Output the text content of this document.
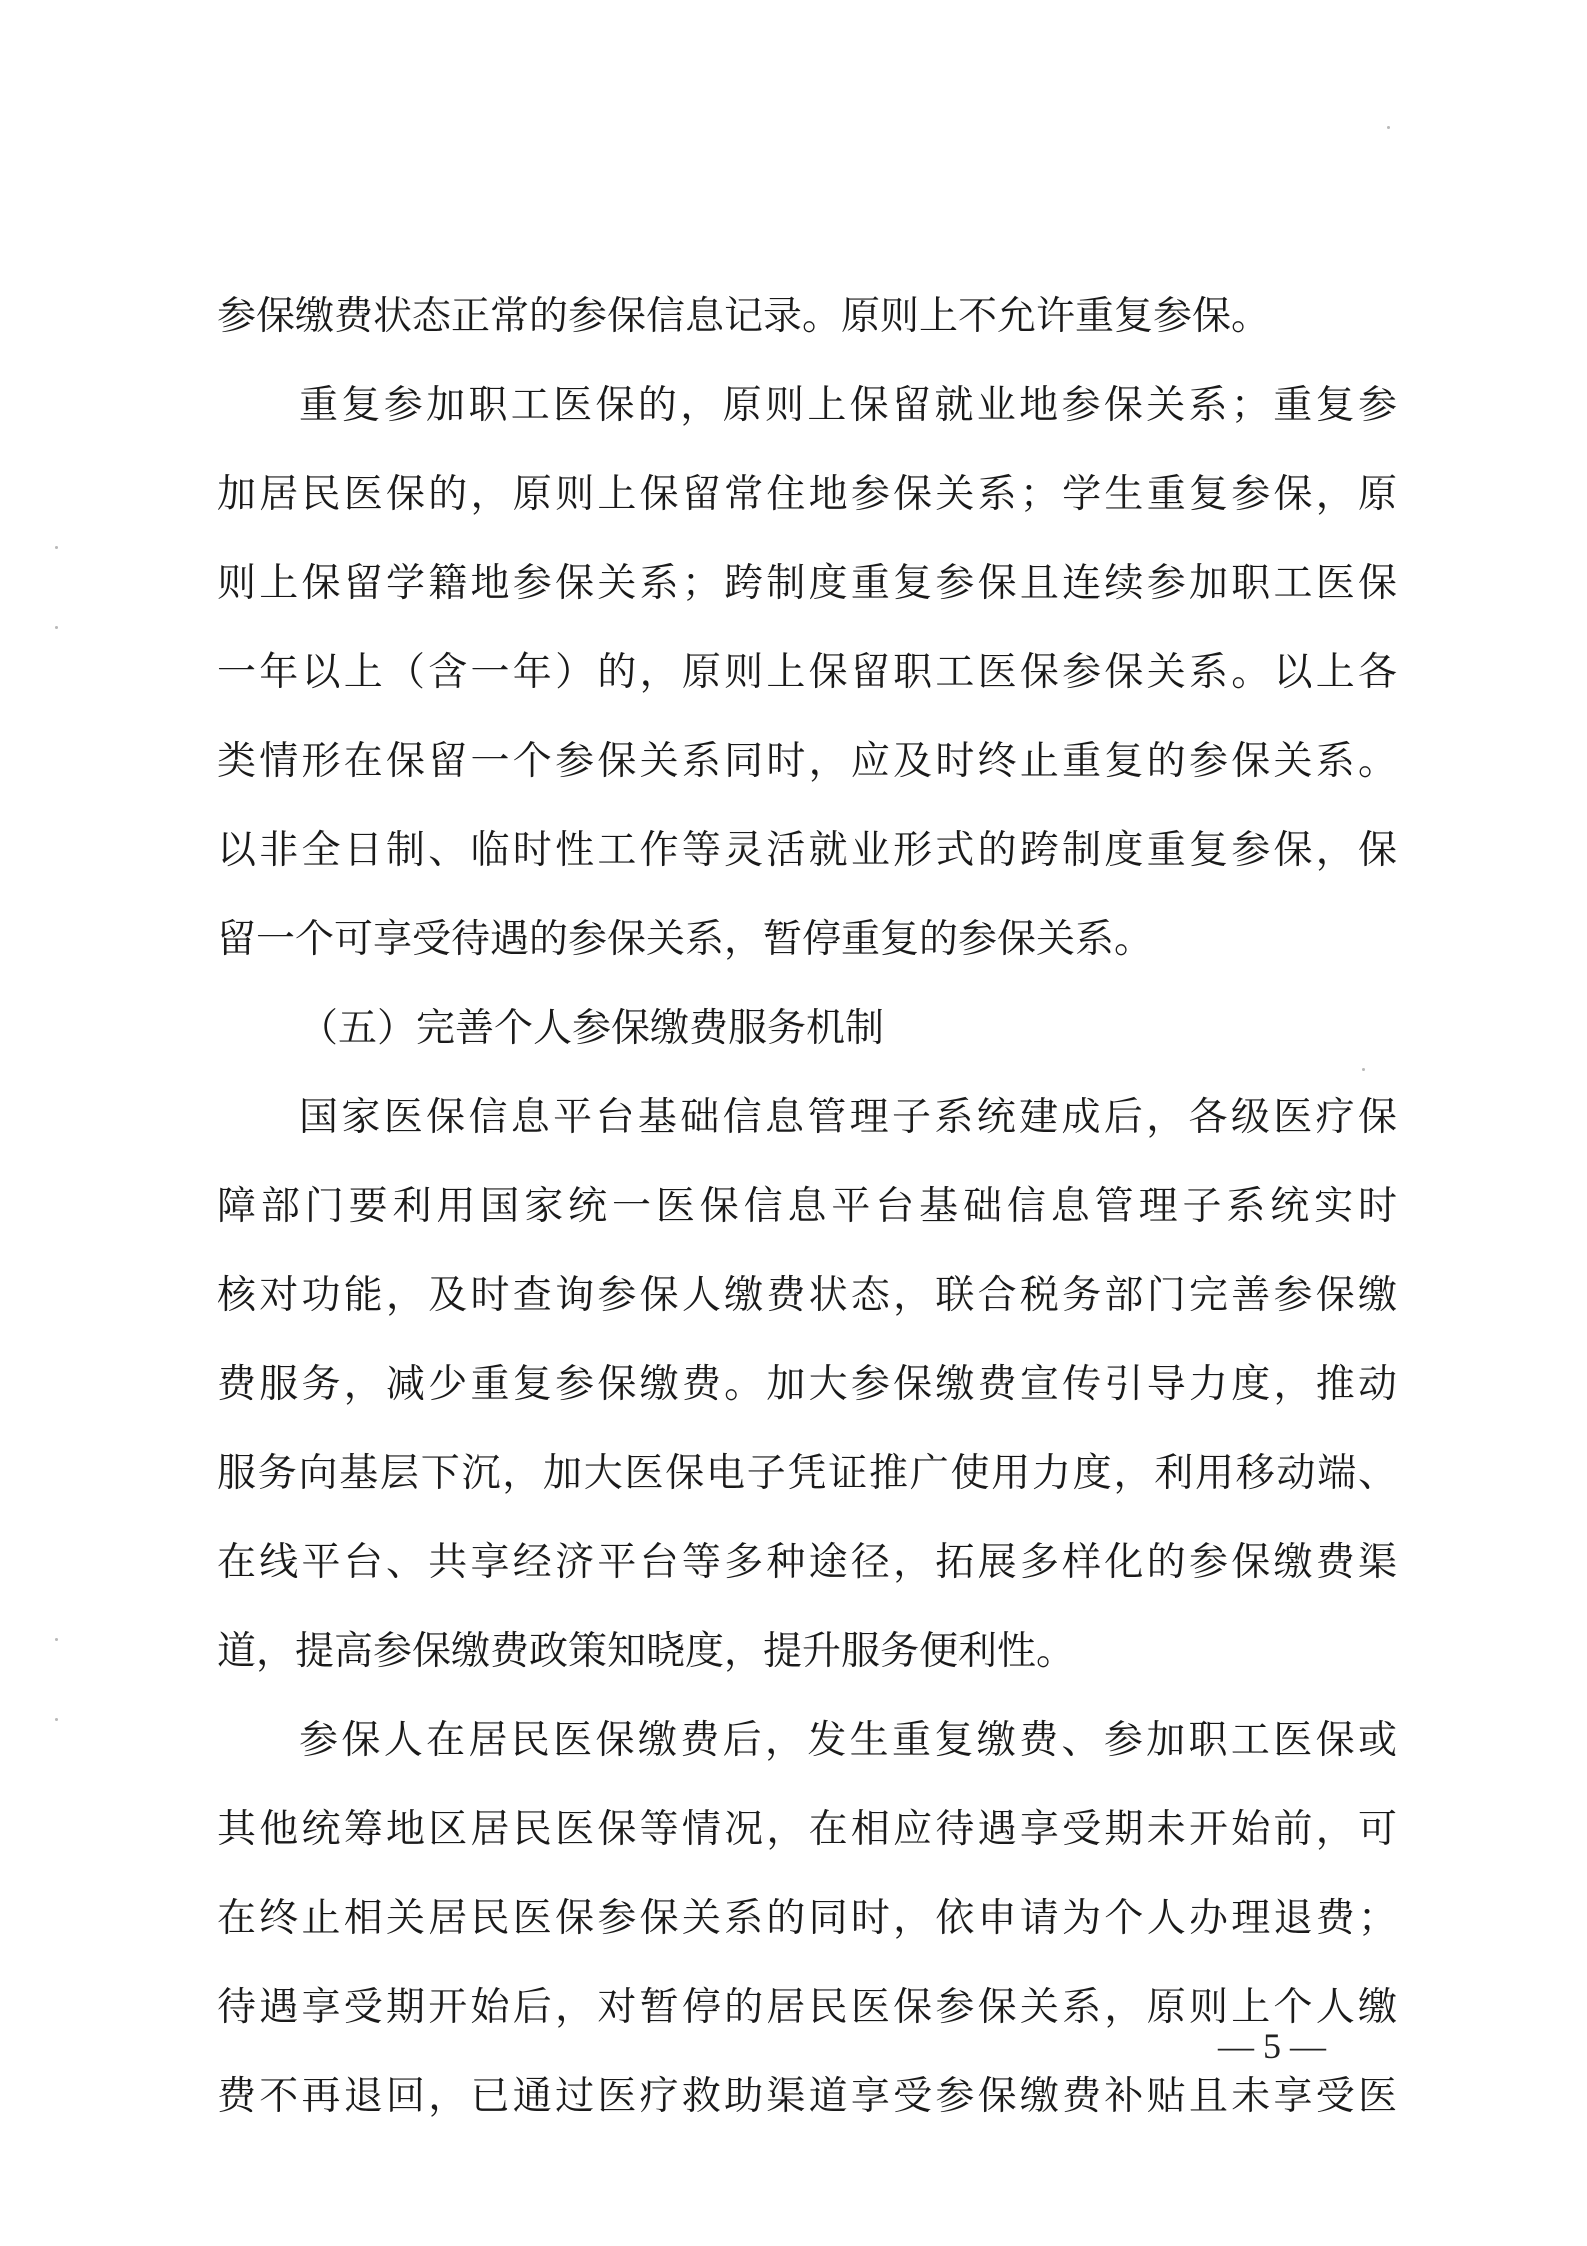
参保缴费状态正常的参保信息记录。原则上不允许重复参保。
重复参加职工医保的，原则上保留就业地参保关系；重复参
加居民医保的，原则上保留常住地参保关系；学生重复参保，原
则上保留学籍地参保关系；跨制度重复参保且连续参加职工医保
一年以上（含一年）的，原则上保留职工医保参保关系。以上各
类情形在保留一个参保关系同时，应及时终止重复的参保关系。
以非全日制、临时性工作等灵活就业形式的跨制度重复参保，保
留一个可享受待遇的参保关系，暂停重复的参保关系。
（五）完善个人参保缴费服务机制
国家医保信息平台基础信息管理子系统建成后，各级医疗保
障部门要利用国家统一医保信息平台基础信息管理子系统实时
核对功能，及时查询参保人缴费状态，联合税务部门完善参保缴
费服务，减少重复参保缴费。加大参保缴费宣传引导力度，推动
服务向基层下沉，加大医保电子凭证推广使用力度，利用移动端、
在线平台、共享经济平台等多种途径，拓展多样化的参保缴费渠
道，提高参保缴费政策知晓度，提升服务便利性。
参保人在居民医保缴费后，发生重复缴费、参加职工医保或
其他统筹地区居民医保等情况，在相应待遇享受期未开始前，可
在终止相关居民医保参保关系的同时，依申请为个人办理退费；
待遇享受期开始后，对暂停的居民医保参保关系，原则上个人缴
费不再退回，已通过医疗救助渠道享受参保缴费补贴且未享受医
— 5 —
